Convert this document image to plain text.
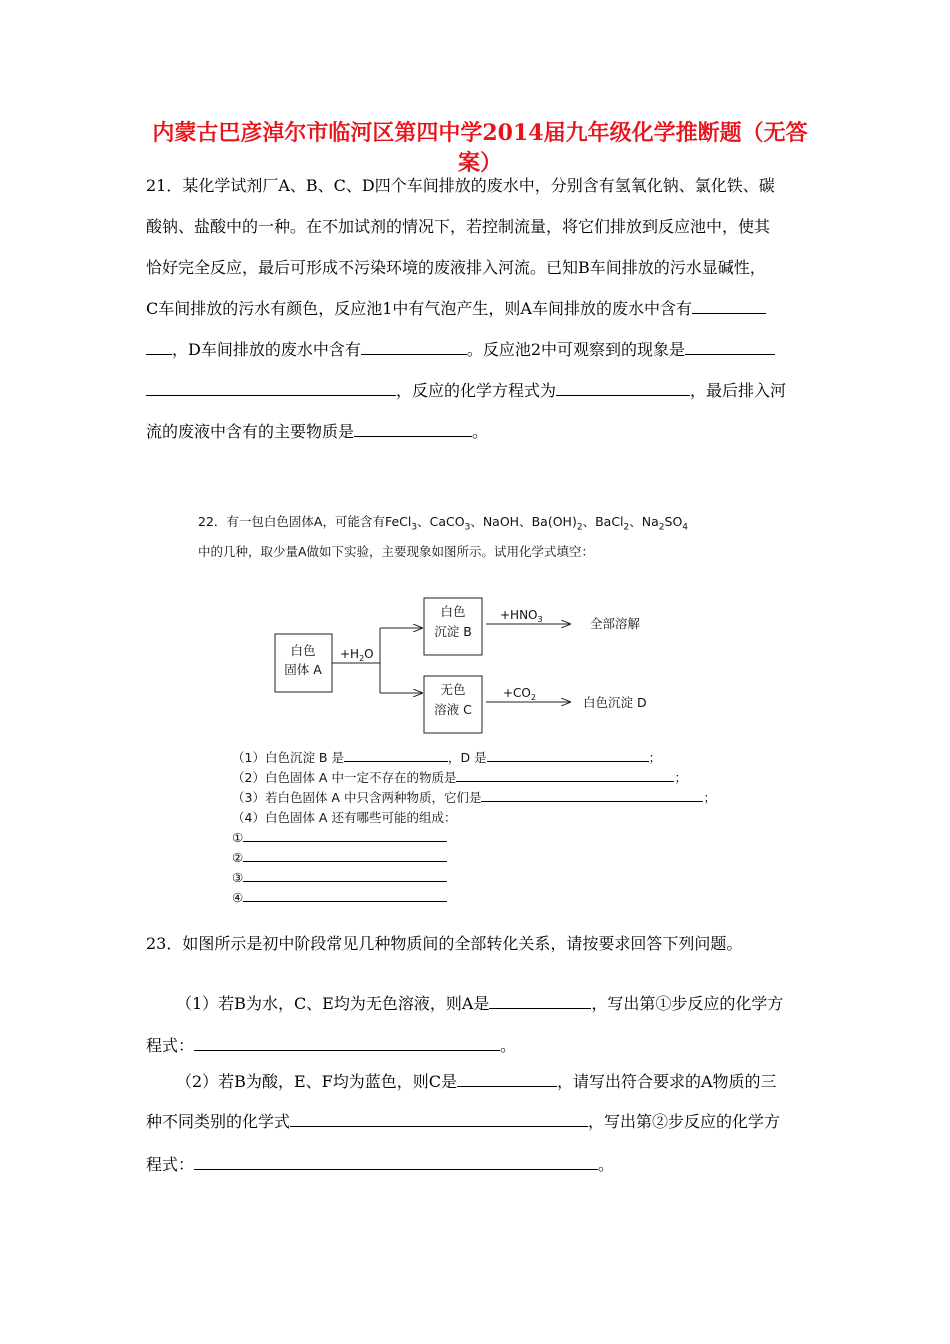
内蒙古巴彦淖尔市临河区第四中学2014届九年级化学推断题（无答案）
21．某化学试剂厂A、B、C、D四个车间排放的废水中，分别含有氢氧化钠、氯化铁、碳
酸钠、盐酸中的一种。在不加试剂的情况下，若控制流量，将它们排放到反应池中，使其
恰好完全反应，最后可形成不污染环境的废液排入河流。已知B车间排放的污水显碱性，
C车间排放的污水有颜色，反应池1中有气泡产生，则A车间排放的废水中含有
，D车间排放的废水中含有	。反应池2中可观察到的现象是
，反应的化学方程式为	，最后排入河
流的废液中含有的主要物质是	。
22．有一包白色固体A，可能含有FeCl$_3$、CaCO$_3$、NaOH、$Ba(OH)_2$、BaCl$_2$、$Na_2SO_4$
中的几种，取少量A做如下实验，主要现象如图所示。试用化学式填空：
白色
固体 A
$+H_2O$
白色
沉淀 B
$+HNO_3$	全部溶解
无色
溶液 C
$+CO_2$	白色沉淀 D
（1）白色沉淀 B 是	，D 是	；
（2）白色固体 A 中一定不存在的物质是	；
（3）若白色固体 A 中只含两种物质，它们是	；
（4）白色固体 A 还有哪些可能的组成：
①
②
③
④
23．如图所示是初中阶段常见几种物质间的全部转化关系，请按要求回答下列问题。
（1）若B为水，C、E均为无色溶液，则A是	，写出第①步反应的化学方
程式：	。
（2）若B为酸，E、F均为蓝色，则C是	，请写出符合要求的A物质的三
种不同类别的化学式	，写出第②步反应的化学方
程式：	。
